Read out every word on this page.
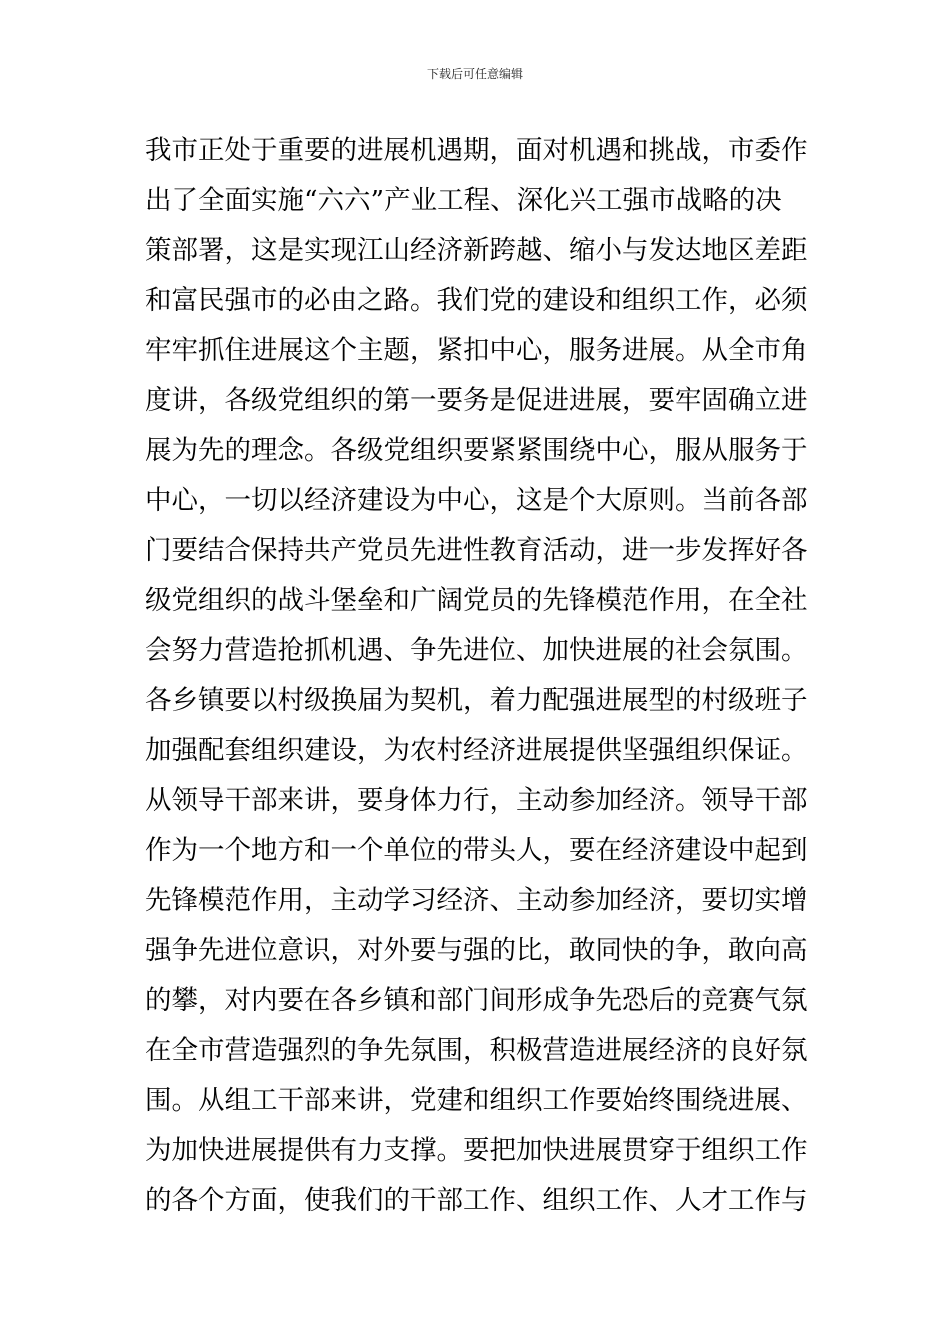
下载后可任意编辑
我市正处于重要的进展机遇期，面对机遇和挑战，市委作
出了全面实施“六六”产业工程、深化兴工强市战略的决
策部署，这是实现江山经济新跨越、缩小与发达地区差距
和富民强市的必由之路。我们党的建设和组织工作，必须
牢牢抓住进展这个主题，紧扣中心，服务进展。从全市角
度讲，各级党组织的第一要务是促进进展，要牢固确立进
展为先的理念。各级党组织要紧紧围绕中心，服从服务于
中心，一切以经济建设为中心，这是个大原则。当前各部
门要结合保持共产党员先进性教育活动，进一步发挥好各
级党组织的战斗堡垒和广阔党员的先锋模范作用，在全社
会努力营造抢抓机遇、争先进位、加快进展的社会氛围。
各乡镇要以村级换届为契机，着力配强进展型的村级班子
加强配套组织建设，为农村经济进展提供坚强组织保证。
从领导干部来讲，要身体力行，主动参加经济。领导干部
作为一个地方和一个单位的带头人，要在经济建设中起到
先锋模范作用，主动学习经济、主动参加经济，要切实增
强争先进位意识，对外要与强的比，敢同快的争，敢向高
的攀，对内要在各乡镇和部门间形成争先恐后的竞赛气氛
在全市营造强烈的争先氛围，积极营造进展经济的良好氛
围。从组工干部来讲，党建和组织工作要始终围绕进展、
为加快进展提供有力支撑。要把加快进展贯穿于组织工作
的各个方面，使我们的干部工作、组织工作、人才工作与
